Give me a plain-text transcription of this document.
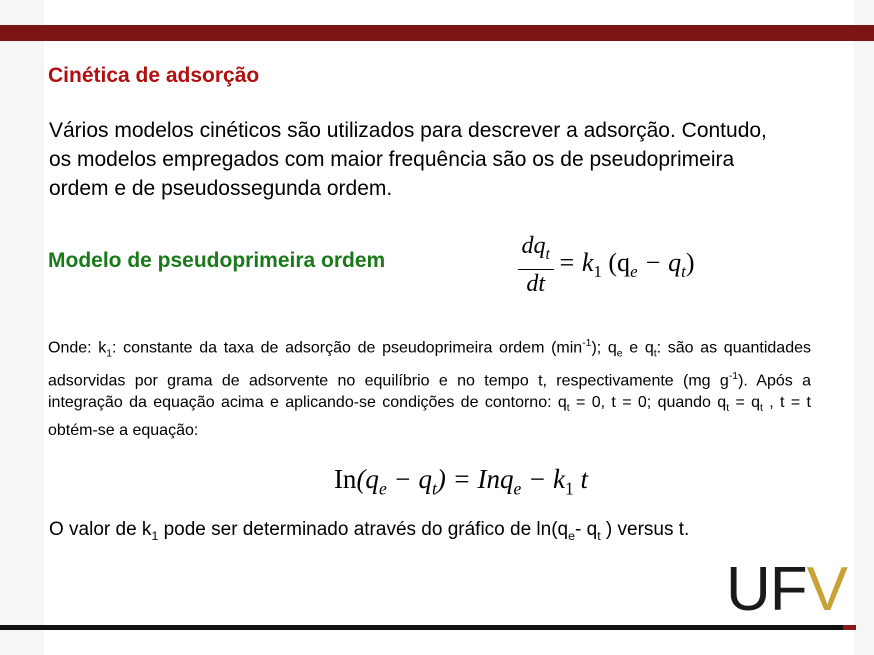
Cinética de adsorção

Vários modelos cinéticos são utilizados para descrever a adsorção. Contudo, os modelos empregados com maior frequência são os de pseudoprimeira ordem e de pseudossegunda ordem.

Modelo de pseudoprimeira ordem	$\frac{dq_t}{dt} = k_1$ $(q_e - q_t)$

Onde: $k_1$: constante da taxa de adsorção de pseudoprimeira ordem $(\min^{-1})$; $q_e$ e $q_t$: são as quantidades adsorvidas por grama de adsorvente no equilíbrio e no tempo t, respectivamente (mg $g^{-1}$). Após a integração da equação acima e aplicando-se condições de contorno: $q_t = 0$, t = 0; quando $q_t = q_t$ , t = t obtém-se a equação:

$In(q_e - q_t) = Inq_e - k_1$ t

O valor de $k_1$ pode ser determinado através do gráfico de $\ln(q_e-$ $q_t$ ) versus t.

UFV
